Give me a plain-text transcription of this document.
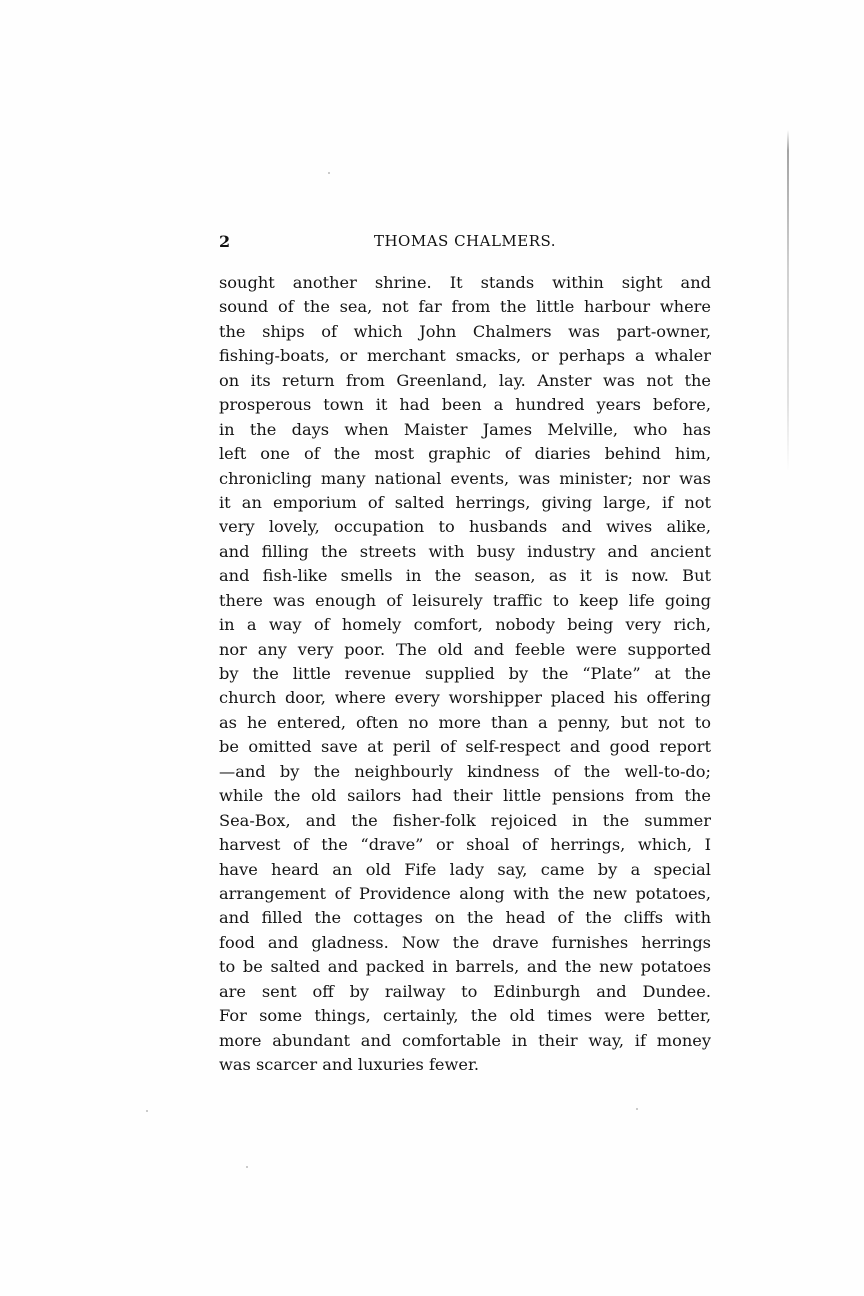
2	THOMAS CHALMERS.
sought another shrine. It stands within sight and
sound of the sea, not far from the little harbour where
the ships of which John Chalmers was part-owner,
fishing-boats, or merchant smacks, or perhaps a whaler
on its return from Greenland, lay. Anster was not the
prosperous town it had been a hundred years before,
in the days when Maister James Melville, who has
left one of the most graphic of diaries behind him,
chronicling many national events, was minister; nor was
it an emporium of salted herrings, giving large, if not
very lovely, occupation to husbands and wives alike,
and filling the streets with busy industry and ancient
and fish-like smells in the season, as it is now. But
there was enough of leisurely traffic to keep life going
in a way of homely comfort, nobody being very rich,
nor any very poor. The old and feeble were supported
by the little revenue supplied by the “Plate” at the
church door, where every worshipper placed his offering
as he entered, often no more than a penny, but not to
be omitted save at peril of self-respect and good report
—and by the neighbourly kindness of the well-to-do;
while the old sailors had their little pensions from the
Sea-Box, and the fisher-folk rejoiced in the summer
harvest of the “drave” or shoal of herrings, which, I
have heard an old Fife lady say, came by a special
arrangement of Providence along with the new potatoes,
and filled the cottages on the head of the cliffs with
food and gladness. Now the drave furnishes herrings
to be salted and packed in barrels, and the new potatoes
are sent off by railway to Edinburgh and Dundee.
For some things, certainly, the old times were better,
more abundant and comfortable in their way, if money
was scarcer and luxuries fewer.
